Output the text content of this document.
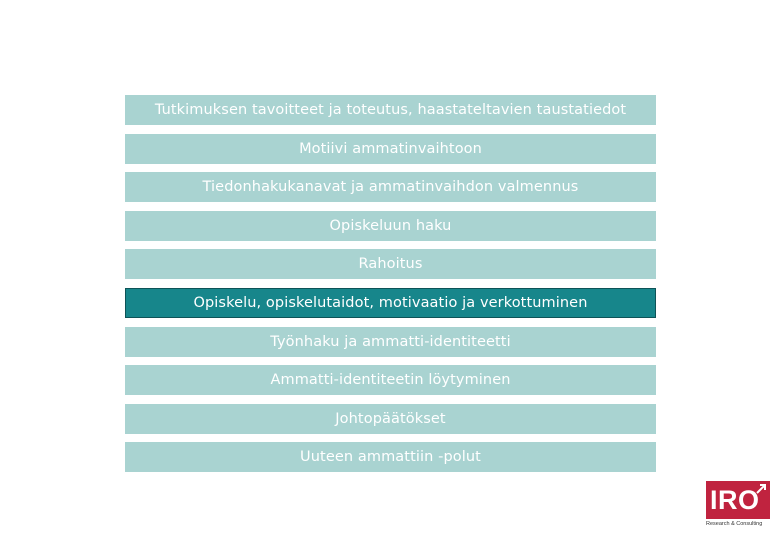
Tutkimuksen tavoitteet ja toteutus, haastateltavien taustatiedot
Motiivi ammatinvaihtoon
Tiedonhakukanavat ja ammatinvaihdon valmennus
Opiskeluun haku
Rahoitus
Opiskelu, opiskelutaidot, motivaatio ja verkottuminen
Työnhaku ja ammatti-identiteetti
Ammatti-identiteetin löytyminen
Johtopäätökset
Uuteen ammattiin -polut
IRO
Research & Consulting
